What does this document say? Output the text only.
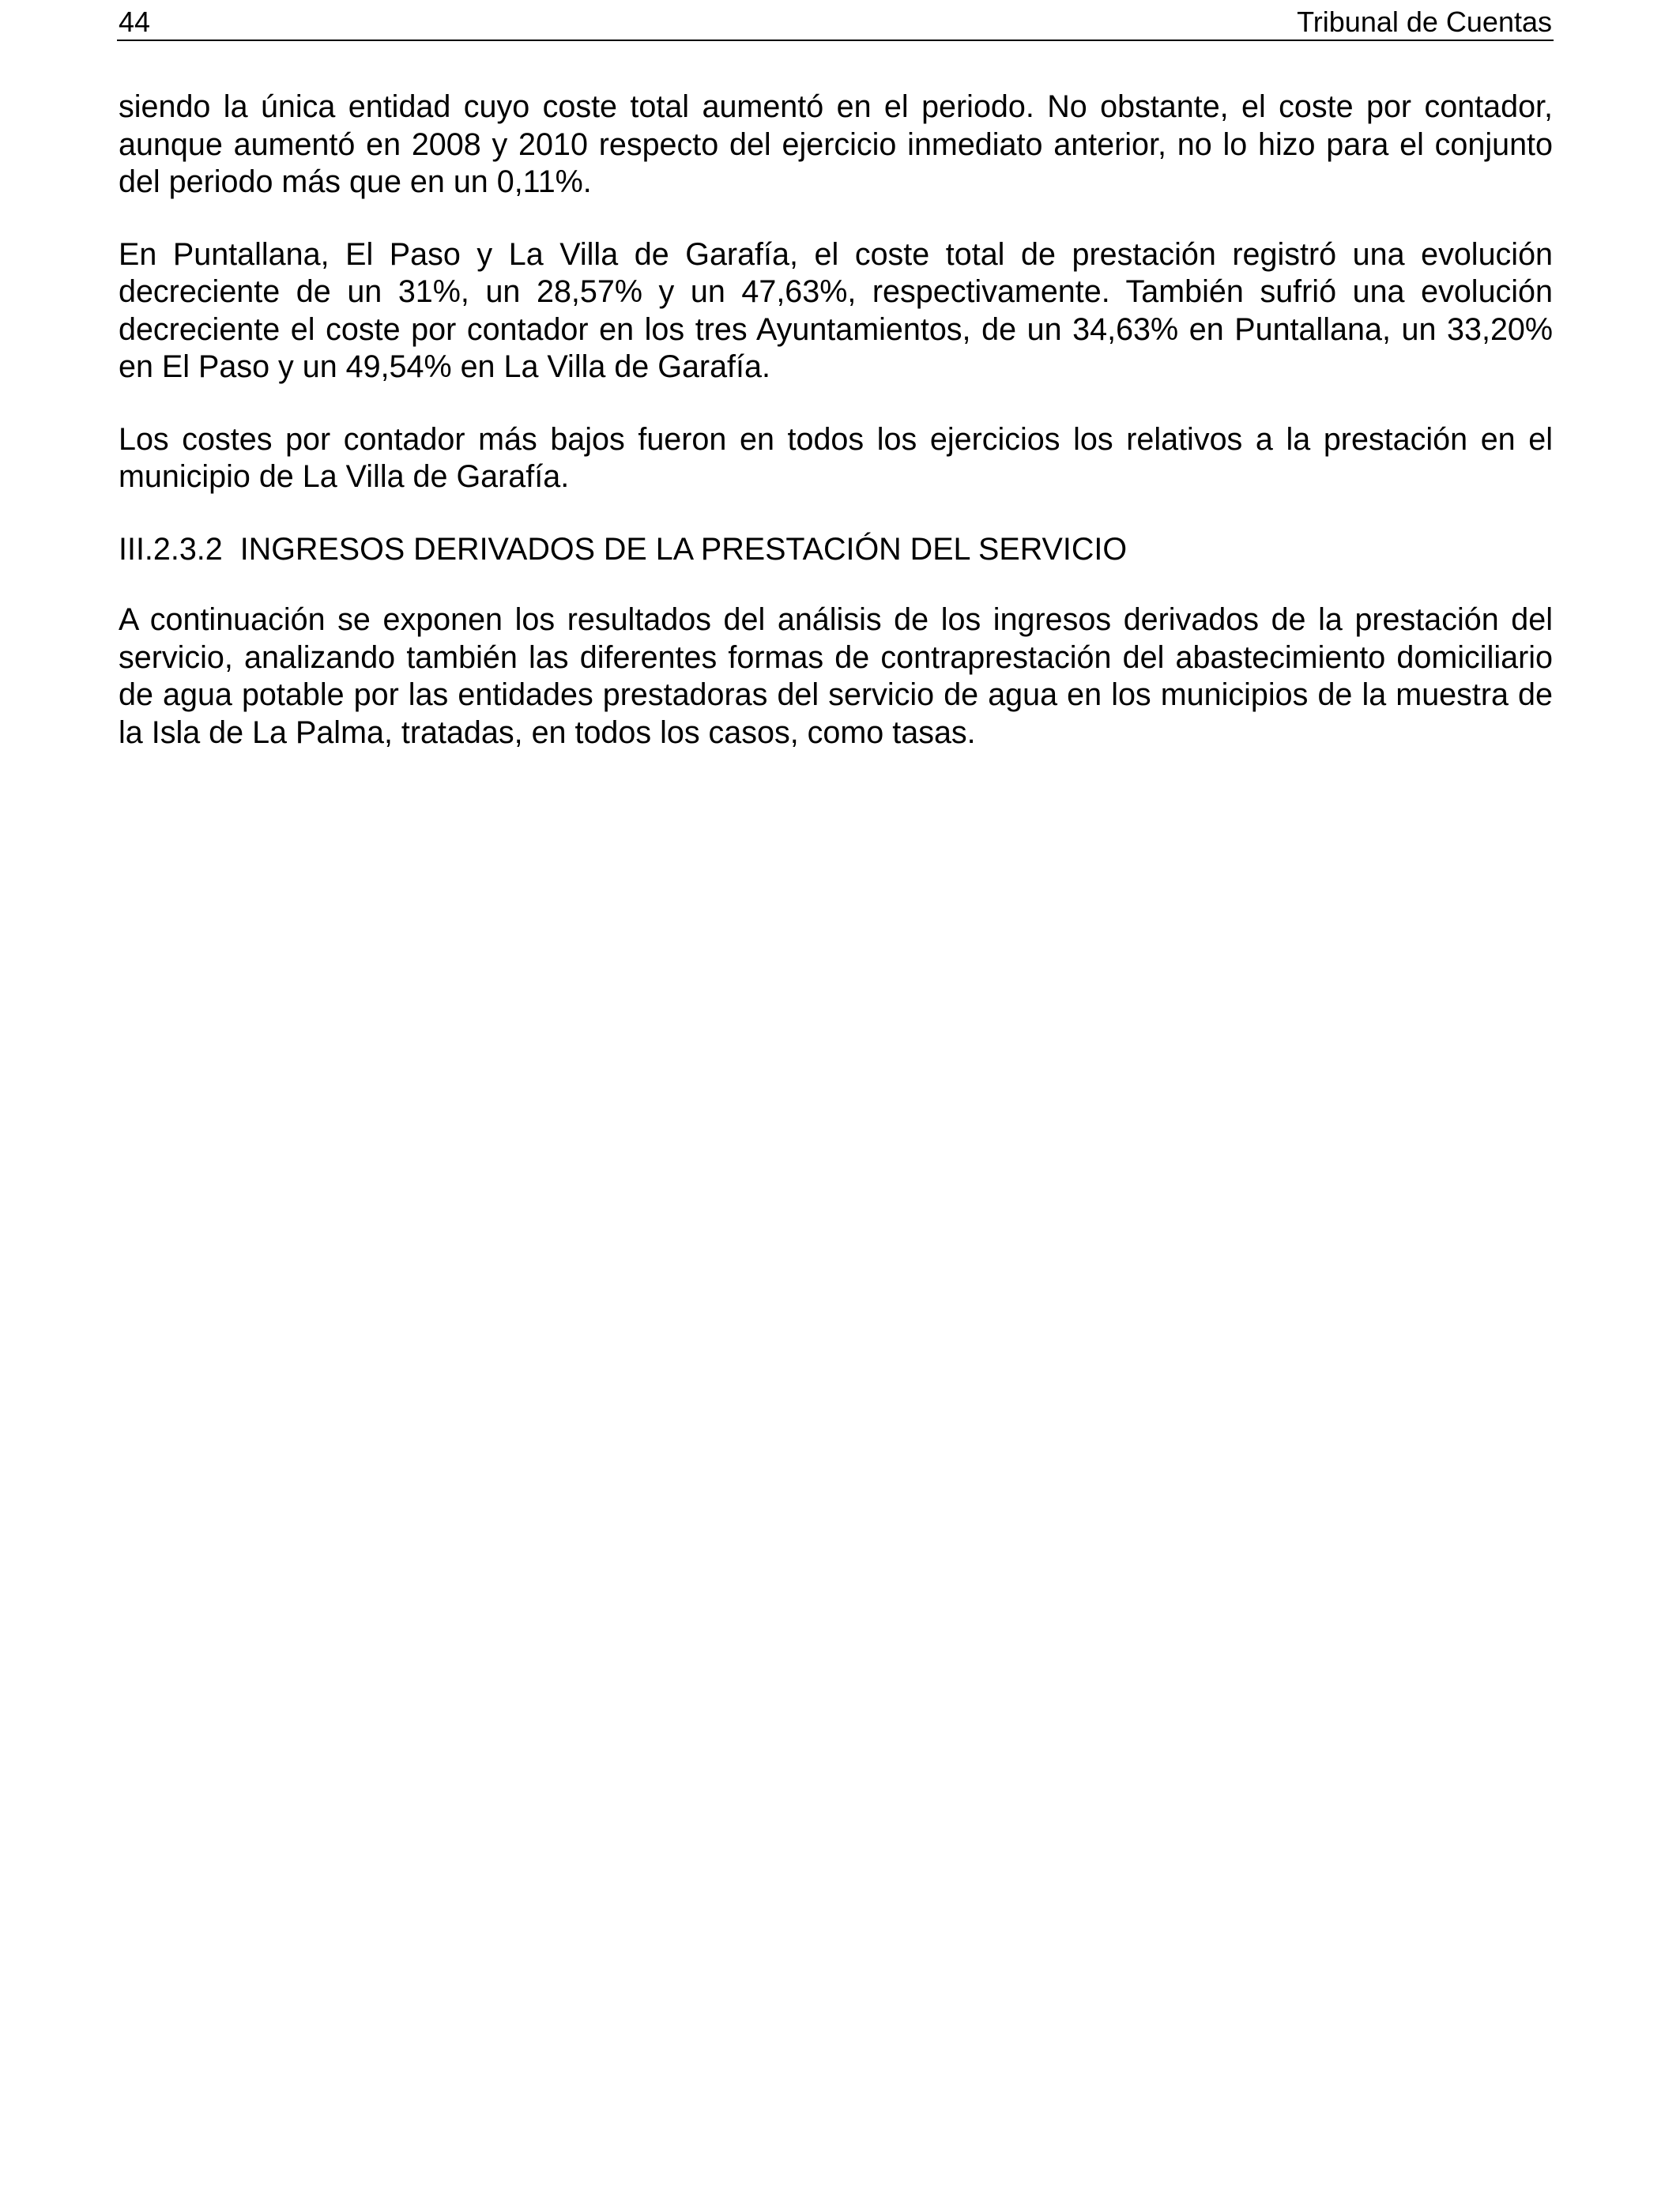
44	Tribunal de Cuentas

siendo la única entidad cuyo coste total aumentó en el periodo. No obstante, el coste por contador, aunque aumentó en 2008 y 2010 respecto del ejercicio inmediato anterior, no lo hizo para el conjunto del periodo más que en un 0,11%.

En Puntallana, El Paso y La Villa de Garafía, el coste total de prestación registró una evolución decreciente de un 31%, un 28,57% y un 47,63%, respectivamente. También sufrió una evolución decreciente el coste por contador en los tres Ayuntamientos, de un 34,63% en Puntallana, un 33,20% en El Paso y un 49,54% en La Villa de Garafía.

Los costes por contador más bajos fueron en todos los ejercicios los relativos a la prestación en el municipio de La Villa de Garafía.

III.2.3.2  INGRESOS DERIVADOS DE LA PRESTACIÓN DEL SERVICIO

A continuación se exponen los resultados del análisis de los ingresos derivados de la prestación del servicio, analizando también las diferentes formas de contraprestación del abastecimiento domiciliario de agua potable por las entidades prestadoras del servicio de agua en los municipios de la muestra de la Isla de La Palma, tratadas, en todos los casos, como tasas.
